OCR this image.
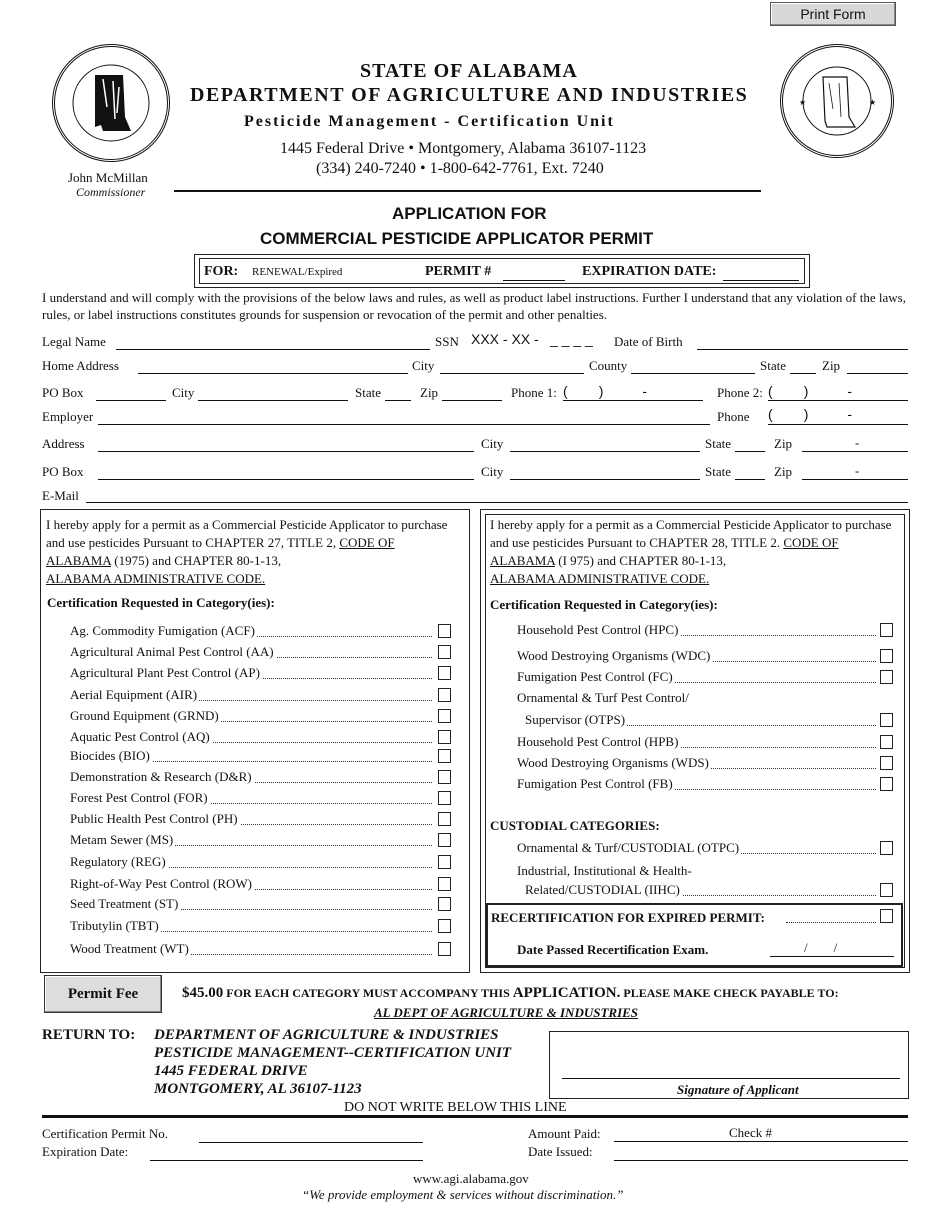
Print Form
John McMillan
Commissioner
★	★
STATE OF ALABAMA
DEPARTMENT OF AGRICULTURE AND INDUSTRIES
Pesticide Management - Certification Unit
1445 Federal Drive • Montgomery, Alabama 36107-1123
(334) 240-7240 • 1-800-642-7761, Ext. 7240
APPLICATION FOR
COMMERCIAL PESTICIDE APPLICATOR PERMIT
FOR: RENEWAL/Expired	PERMIT #	EXPIRATION DATE:
I understand and will comply with the provisions of the below laws and rules, as well as product label instructions. Further I understand that any violation of the laws, rules, or label instructions constitutes grounds for suspension or revocation of the permit and other penalties.
Legal Name	SSN XXX - XX - _ _ _ _ Date of Birth
Home Address	City	County	State	Zip
PO Box	City	State	Zip	Phone 1: (        )          -	Phone 2: (        )          -
Employer	Phone (        )          -
Address	City	State	Zip	-
PO Box	City	State	Zip	-
E-Mail
I hereby apply for a permit as a Commercial Pesticide Applicator to purchase and use pesticides Pursuant to CHAPTER 27, TITLE 2, CODE OF ALABAMA (1975) and CHAPTER 80-1-13,
ALABAMA ADMINISTRATIVE CODE.
Certification Requested in Category(ies):
Ag. Commodity Fumigation (ACF)
Agricultural Animal Pest Control (AA)
Agricultural Plant Pest Control (AP)
Aerial Equipment (AIR)
Ground Equipment (GRND)
Aquatic Pest Control (AQ)
Biocides (BIO)
Demonstration & Research (D&R)
Forest Pest Control (FOR)
Public Health Pest Control (PH)
Metam Sewer (MS)
Regulatory (REG)
Right-of-Way Pest Control (ROW)
Seed Treatment (ST)
Tributylin (TBT)
Wood Treatment (WT)
I hereby apply for a permit as a Commercial Pesticide Applicator to purchase and use pesticides Pursuant to CHAPTER 28, TITLE 2. CODE OF ALABAMA (I 975) and CHAPTER 80-1-13,
ALABAMA ADMINISTRATIVE CODE.
Certification Requested in Category(ies):
Household Pest Control (HPC)
Wood Destroying Organisms (WDC)
Fumigation Pest Control (FC)
Ornamental & Turf Pest Control/
Supervisor (OTPS)
Household Pest Control (HPB)
Wood Destroying Organisms (WDS)
Fumigation Pest Control (FB)
CUSTODIAL CATEGORIES:
Ornamental & Turf/CUSTODIAL (OTPC)
Industrial, Institutional & Health-
Related/CUSTODIAL (IIHC)
RECERTIFICATION FOR EXPIRED PERMIT:
Date Passed Recertification Exam.	/        /
Permit Fee	$45.00 FOR EACH CATEGORY MUST ACCOMPANY THIS APPLICATION. PLEASE MAKE CHECK PAYABLE TO:
AL DEPT OF AGRICULTURE & INDUSTRIES
RETURN TO: DEPARTMENT OF AGRICULTURE & INDUSTRIES
PESTICIDE MANAGEMENT--CERTIFICATION UNIT
1445 FEDERAL DRIVE
MONTGOMERY, AL 36107-1123	Signature of Applicant
DO NOT WRITE BELOW THIS LINE
Certification Permit No.
Expiration Date:
Amount Paid:	Check #
Date Issued:
www.agi.alabama.gov
“We provide employment & services without discrimination.”
